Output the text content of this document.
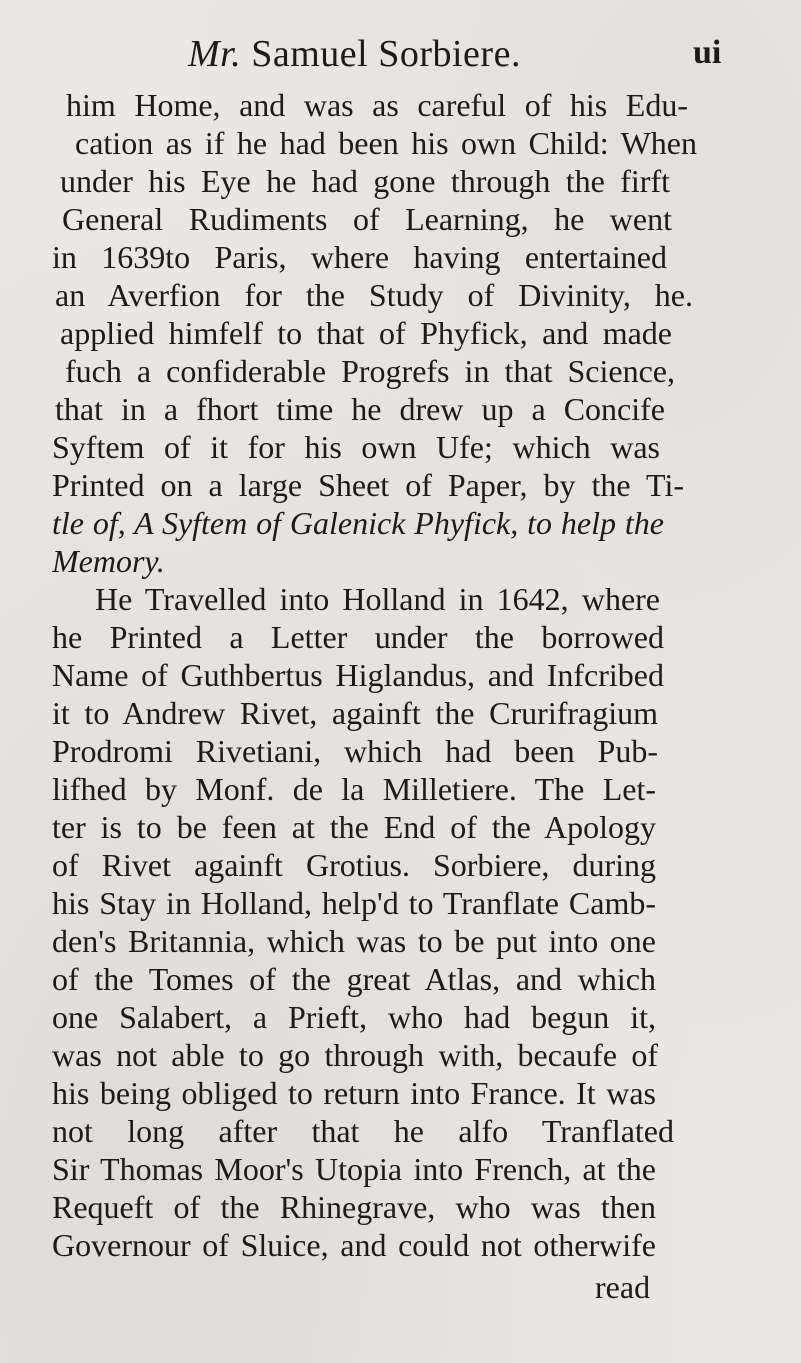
Mr. Samuel Sorbiere.	ui
him Home, and was as careful of his Edu-
cation as if he had been his own Child: When
under his Eye he had gone through the firft
General Rudiments of Learning, he went
in 1639to Paris, where having entertained
an Averfion for the Study of Divinity, he.
applied himfelf to that of Phyfick, and made
fuch a confiderable Progrefs in that Science,
that in a fhort time he drew up a Concife
Syftem of it for his own Ufe; which was
Printed on a large Sheet of Paper, by the Ti-
tle of, A Syftem of Galenick Phyfick, to help the
Memory.
He Travelled into Holland in 1642, where
he Printed a Letter under the borrowed
Name of Guthbertus Higlandus, and Infcribed
it to Andrew Rivet, againft the Crurifragium
Prodromi Rivetiani, which had been Pub-
lifhed by Monf. de la Milletiere. The Let-
ter is to be feen at the End of the Apology
of Rivet againft Grotius. Sorbiere, during
his Stay in Holland, help'd to Tranflate Camb-
den's Britannia, which was to be put into one
of the Tomes of the great Atlas, and which
one Salabert, a Prieft, who had begun it,
was not able to go through with, becaufe of
his being obliged to return into France. It was
not long after that he alfo Tranflated
Sir Thomas Moor's Utopia into French, at the
Requeft of the Rhinegrave, who was then
Governour of Sluice, and could not otherwife
read
